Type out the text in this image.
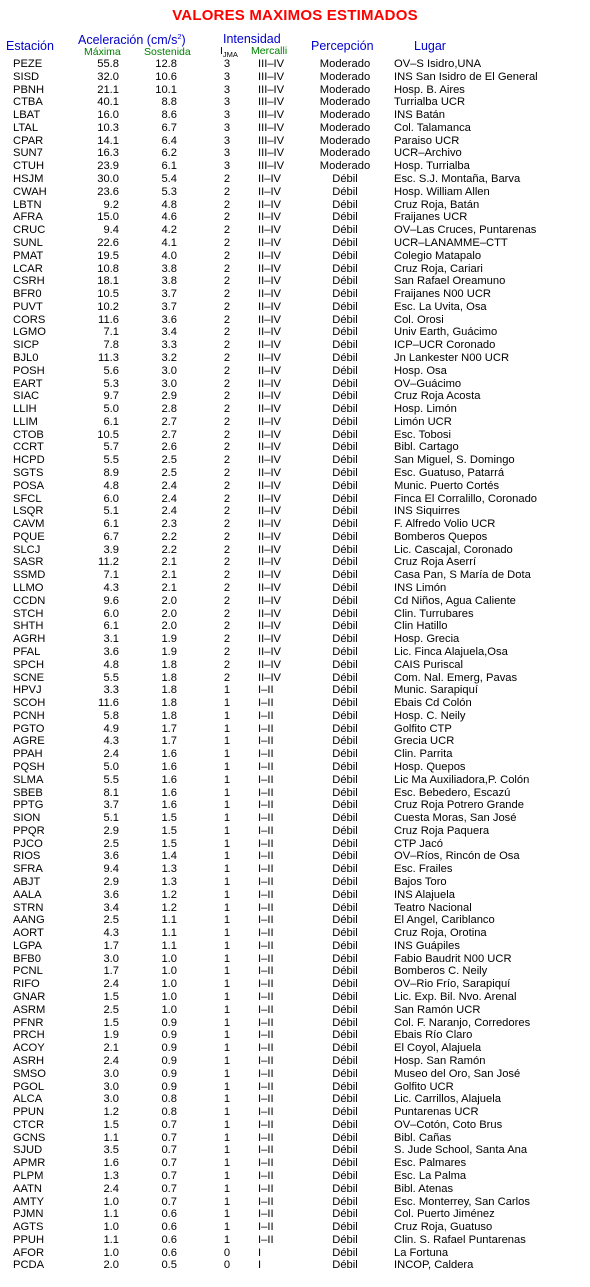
VALORES MAXIMOS ESTIMADOS
Estación Aceleración $(cm/s^2)$
Máxima Sostenida
Intensidad
$I_{JMA}$ Mercalli Percepción	Lugar
PEZE	55.8	12.8	3 III–IV	Moderado	OV–S Isidro,UNA
SISD	32.0	10.6	3 III–IV	Moderado	INS San Isidro de El General
PBNH	21.1	10.1	3 III–IV	Moderado	Hosp. B. Aires
CTBA	40.1	8.8	3 III–IV	Moderado	Turrialba UCR
LBAT	16.0	8.6	3 III–IV	Moderado	INS Batán
LTAL	10.3	6.7	3 III–IV	Moderado	Col. Talamanca
CPAR	14.1	6.4	3 III–IV	Moderado	Paraiso UCR
SUN7	16.3	6.2	3 III–IV	Moderado	UCR–Archivo
CTUH	23.9	6.1	3 III–IV	Moderado	Hosp. Turrialba
HSJM	30.0	5.4	2 II–IV	Débil	Esc. S.J. Montaña, Barva
CWAH	23.6	5.3	2 II–IV	Débil	Hosp. William Allen
LBTN	9.2	4.8	2 II–IV	Débil	Cruz Roja, Batán
AFRA	15.0	4.6	2 II–IV	Débil	Fraijanes UCR
CRUC	9.4	4.2	2 II–IV	Débil	OV–Las Cruces, Puntarenas
SUNL	22.6	4.1	2 II–IV	Débil	UCR–LANAMME–CTT
PMAT	19.5	4.0	2 II–IV	Débil	Colegio Matapalo
LCAR	10.8	3.8	2 II–IV	Débil	Cruz Roja, Cariari
CSRH	18.1	3.8	2 II–IV	Débil	San Rafael Oreamuno
BFR0	10.5	3.7	2 II–IV	Débil	Fraijanes N00 UCR
PUVT	10.2	3.7	2 II–IV	Débil	Esc. La Uvita, Osa
CORS	11.6	3.6	2 II–IV	Débil	Col. Orosi
LGMO	7.1	3.4	2 II–IV	Débil	Univ Earth, Guácimo
SICP	7.8	3.3	2 II–IV	Débil	ICP–UCR Coronado
BJL0	11.3	3.2	2 II–IV	Débil	Jn Lankester N00 UCR
POSH	5.6	3.0	2 II–IV	Débil	Hosp. Osa
EART	5.3	3.0	2 II–IV	Débil	OV–Guácimo
SIAC	9.7	2.9	2 II–IV	Débil	Cruz Roja Acosta
LLIH	5.0	2.8	2 II–IV	Débil	Hosp. Limón
LLIM	6.1	2.7	2 II–IV	Débil	Limón UCR
CTOB	10.5	2.7	2 II–IV	Débil	Esc. Tobosi
CCRT	5.7	2.6	2 II–IV	Débil	Bibl. Cartago
HCPD	5.5	2.5	2 II–IV	Débil	San Miguel, S. Domingo
SGTS	8.9	2.5	2 II–IV	Débil	Esc. Guatuso, Patarrá
POSA	4.8	2.4	2 II–IV	Débil	Munic. Puerto Cortés
SFCL	6.0	2.4	2 II–IV	Débil	Finca El Corralillo, Coronado
LSQR	5.1	2.4	2 II–IV	Débil	INS Siquirres
CAVM	6.1	2.3	2 II–IV	Débil	F. Alfredo Volio UCR
PQUE	6.7	2.2	2 II–IV	Débil	Bomberos Quepos
SLCJ	3.9	2.2	2 II–IV	Débil	Lic. Cascajal, Coronado
SASR	11.2	2.1	2 II–IV	Débil	Cruz Roja Aserrí
SSMD	7.1	2.1	2 II–IV	Débil	Casa Pan, S María de Dota
LLMO	4.3	2.1	2 II–IV	Débil	INS Limón
CCDN	9.6	2.0	2 II–IV	Débil	Cd Niños, Agua Caliente
STCH	6.0	2.0	2 II–IV	Débil	Clin. Turrubares
SHTH	6.1	2.0	2 II–IV	Débil	Clin Hatillo
AGRH	3.1	1.9	2 II–IV	Débil	Hosp. Grecia
PFAL	3.6	1.9	2 II–IV	Débil	Lic. Finca Alajuela,Osa
SPCH	4.8	1.8	2 II–IV	Débil	CAIS Puriscal
SCNE	5.5	1.8	2 II–IV	Débil	Com. Nal. Emerg, Pavas
HPVJ	3.3	1.8	1 I–II	Débil	Munic. Sarapiquí
SCOH	11.6	1.8	1 I–II	Débil	Ebais Cd Colón
PCNH	5.8	1.8	1 I–II	Débil	Hosp. C. Neily
PGTO	4.9	1.7	1 I–II	Débil	Golfito CTP
AGRE	4.3	1.7	1 I–II	Débil	Grecia UCR
PPAH	2.4	1.6	1 I–II	Débil	Clin. Parrita
PQSH	5.0	1.6	1 I–II	Débil	Hosp. Quepos
SLMA	5.5	1.6	1 I–II	Débil	Lic Ma Auxiliadora,P. Colón
SBEB	8.1	1.6	1 I–II	Débil	Esc. Bebedero, Escazú
PPTG	3.7	1.6	1 I–II	Débil	Cruz Roja Potrero Grande
SION	5.1	1.5	1 I–II	Débil	Cuesta Moras, San José
PPQR	2.9	1.5	1 I–II	Débil	Cruz Roja Paquera
PJCO	2.5	1.5	1 I–II	Débil	CTP Jacó
RIOS	3.6	1.4	1 I–II	Débil	OV–Ríos, Rincón de Osa
SFRA	9.4	1.3	1 I–II	Débil	Esc. Frailes
ABJT	2.9	1.3	1 I–II	Débil	Bajos Toro
AALA	3.6	1.2	1 I–II	Débil	INS Alajuela
STRN	3.4	1.2	1 I–II	Débil	Teatro Nacional
AANG	2.5	1.1	1 I–II	Débil	El Angel, Cariblanco
AORT	4.3	1.1	1 I–II	Débil	Cruz Roja, Orotina
LGPA	1.7	1.1	1 I–II	Débil	INS Guápiles
BFB0	3.0	1.0	1 I–II	Débil	Fabio Baudrit N00 UCR
PCNL	1.7	1.0	1 I–II	Débil	Bomberos C. Neily
RIFO	2.4	1.0	1 I–II	Débil	OV–Rio Frío, Sarapiquí
GNAR	1.5	1.0	1 I–II	Débil	Lic. Exp. Bil. Nvo. Arenal
ASRM	2.5	1.0	1 I–II	Débil	San Ramón UCR
PFNR	1.5	0.9	1 I–II	Débil	Col. F. Naranjo, Corredores
PRCH	1.9	0.9	1 I–II	Débil	Ebais Río Claro
ACOY	2.1	0.9	1 I–II	Débil	El Coyol, Alajuela
ASRH	2.4	0.9	1 I–II	Débil	Hosp. San Ramón
SMSO	3.0	0.9	1 I–II	Débil	Museo del Oro, San José
PGOL	3.0	0.9	1 I–II	Débil	Golfito UCR
ALCA	3.0	0.8	1 I–II	Débil	Lic. Carrillos, Alajuela
PPUN	1.2	0.8	1 I–II	Débil	Puntarenas UCR
CTCR	1.5	0.7	1 I–II	Débil	OV–Cotón, Coto Brus
GCNS	1.1	0.7	1 I–II	Débil	Bibl. Cañas
SJUD	3.5	0.7	1 I–II	Débil	S. Jude School, Santa Ana
APMR	1.6	0.7	1 I–II	Débil	Esc. Palmares
PLPM	1.3	0.7	1 I–II	Débil	Esc. La Palma
AATN	2.4	0.7	1 I–II	Débil	Bibl. Atenas
AMTY	1.0	0.7	1 I–II	Débil	Esc. Monterrey, San Carlos
PJMN	1.1	0.6	1 I–II	Débil	Col. Puerto Jiménez
AGTS	1.0	0.6	1 I–II	Débil	Cruz Roja, Guatuso
PPUH	1.1	0.6	1 I–II	Débil	Clin. S. Rafael Puntarenas
AFOR	1.0	0.6	0 I	Débil	La Fortuna
PCDA	2.0	0.5	0 I	Débil	INCOP, Caldera
